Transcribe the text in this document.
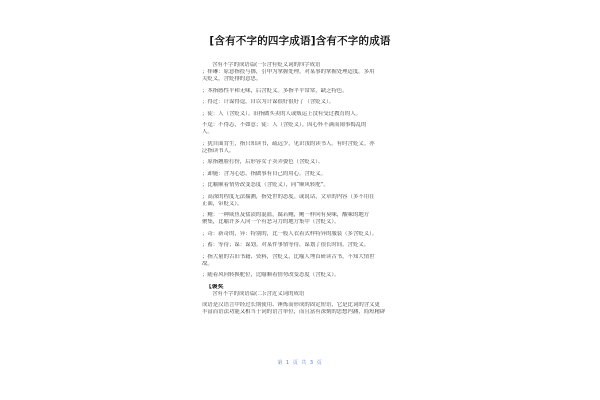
[含有不字的四字成语]含有不字的成语
含有不字的成语篇(一):含有贬义词的四字成语
；摔琳：原意指投与掷，引申为掌握处理。对某事的掌握处理适度。多用
关贬义，含贬排的意思。
；本指感性平和无味，后含贬义。多指平平常常，缺乏特色。
；得过：计谋得逞，自以为计谋很好很好了（含贬义）。
；徒：人（含贬义）。旧指做买卖的人或贩运上没有受过教育的人。
不逞：不得志，不如意；徒：人（含贬义）。因心怀不满而闹事捣乱的
人。
；犹自面背生，指只知读书，疏远少，见识浅的读书人。有时含贬义。亦
泛指读书人。
；原指翘脸打扮，后形容女子卖弄姿色（含贬义）。
；卸施：含为心思，指做事有自己的用心。含贬义。
；比喻顺着情势改变态度（含贬义），同“顺风转舵”。
；高深的程度无法揣测，指处世的态度。或说话，文章的内容（多不用在
正面，带贬义）。
；鲍：一种咸鱼及盐渍的混血，腐若鲍，鲍一样向有臭味，酸味的地方
聚集，比喻许多人向一个有恶习力的地方集中（含贬义）。
；奇：新奇的，异：特别的，比一般人衣着式样特异的服装（多含贬义）。
；蓄：等待；谋：谋划。对某件事情等待，谋划了很长时间，含贬义。
；指大量的古旧书籍、资料，含贬义，比喻人埋首研读古书，不知大情世
故。
；随着风向转换舵位，比喻顺着情势改变态度（含贬义）。
【褒奖
含有不字的成语篇(二):含近义词的成语
成语是汉语言中经过长期使用、锤炼而形成的固定短语，它是比词的含义更
丰富而语法功能又相当于词的语言单位，而且富有深刻的思想内涵，简短精辟
第 1 页 共 3 页
